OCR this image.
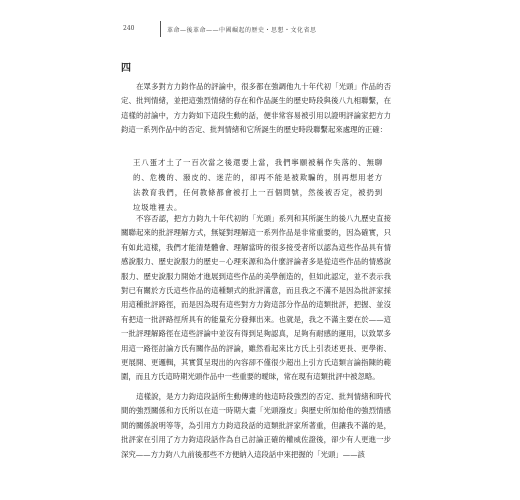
240	革命—後革命——中國崛起的歷史・思想・文化省思
四
在眾多對方力鈞作品的評論中，很多都在強調他九十年代初「光頭」作品的否定、批判情緒，並把這強烈情緒的存在和作品誕生的歷史時段與後八九相聯繫，在這樣的討論中，方力鈞如下這段生動的話，便非常容易被引用以證明評論家把方力鈞這一系列作品中的否定、批判情緒和它所誕生的歷史時段聯繫起來處理的正確：
王八蛋才土了一百次當之後還要上當，我們寧願被稱作失落的、無聊的、危機的、潑皮的、迷茫的，卻再不能是被欺騙的，別再想用老方法教育我們，任何教條都會被打上一百個問號，然後被否定，被扔到垃圾堆裡去。
不容否認，把方力鈞九十年代初的「光頭」系列和其所誕生的後八九歷史直接關聯起來的批評理解方式，無疑對理解這一系列作品是非常重要的，因為確實，只有如此這樣，我們才能清楚體會、理解當時的很多接受者所以認為這些作品具有情感說服力、歷史說服力的歷史－心理來源和為什麼評論者多是從這些作品的情感說服力、歷史說服力開始才進展到這些作品的美學創造的，但如此認定，並不表示我對已有關於方氏這些作品的這種類式的批評滿意，而且我之不滿不是因為批評家採用這種批評路徑，而是因為現有這些對方力鈞這部分作品的這類批評，把握、並沒有把這一批評路徑所具有的能量充分發揮出來。也就是，我之不滿主要在於——這一批評理解路徑在這些評論中並沒有得到足夠認真，足夠有耐感的運用，以致眾多用這一路徑討論方氏有關作品的評論，雖然看起來比方氏上引表述更長、更學術、更展開、更邏輯，其實質呈現出的內容卻不僅很少超出上引方氏這類言論指陳的範圍，而且方氏這時期光頭作品中一些重要的曖昧，常在現有這類批評中被忽略。
這樣說，是方力鈞這段話所生動傳達的他這時段強烈的否定、批判情緒和時代間的強烈關係和方氏所以在這一時期大畫「光頭潑皮」與歷史所加給他的強烈情感間的關係說明等等，為引用方力鈞這段話的這類批評家所著重，但讓我不滿的是，批評家在引用了方力鈞這段話作為自己討論正確的權威佐證後，卻少有人更進一步深究——方力鈞八九前後那些不方便納入這段話中來把握的「光頭」——該
